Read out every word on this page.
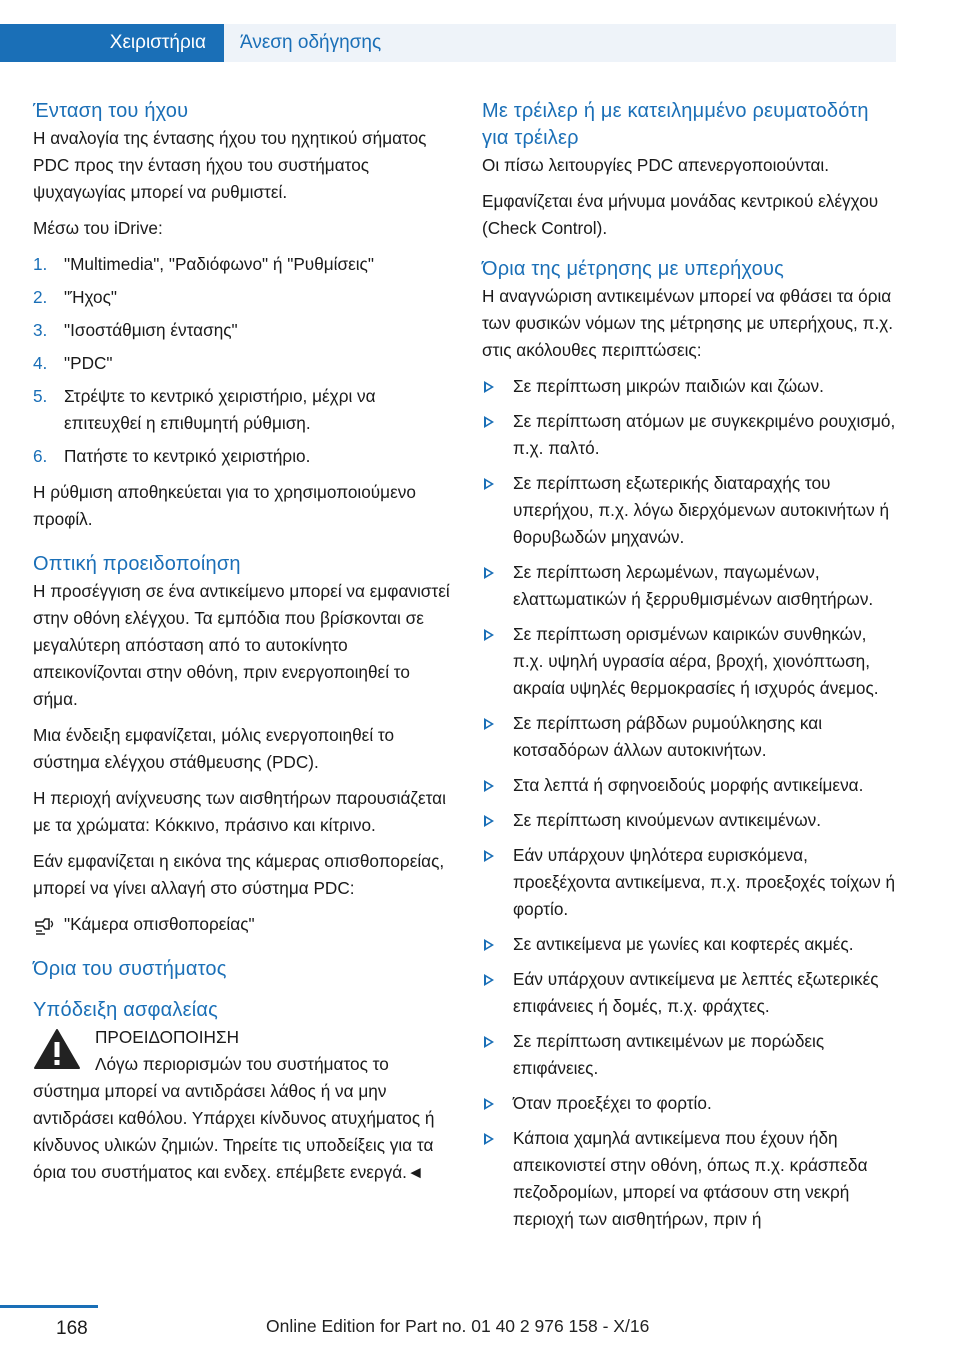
Χειριστήρια	Άνεση οδήγησης
Ένταση του ήχου

Η αναλογία της έντασης ήχου του ηχητικού σήματος PDC προς την ένταση ήχου του συστήματος ψυχαγωγίας μπορεί να ρυθμιστεί.

Μέσω του iDrive:

1. "Multimedia", "Ραδιόφωνο" ή "Ρυθμίσεις"
2. "Ήχος"
3. "Ισοστάθμιση έντασης"
4. "PDC"
5. Στρέψτε το κεντρικό χειριστήριο, μέχρι να επιτευχθεί η επιθυμητή ρύθμιση.
6. Πατήστε το κεντρικό χειριστήριο.

Η ρύθμιση αποθηκεύεται για το χρησιμοποιούμενο προφίλ.

Οπτική προειδοποίηση

Η προσέγγιση σε ένα αντικείμενο μπορεί να εμφανιστεί στην οθόνη ελέγχου. Τα εμπόδια που βρίσκονται σε μεγαλύτερη απόσταση από το αυτοκίνητο απεικονίζονται στην οθόνη, πριν ενεργοποιηθεί το σήμα.

Μια ένδειξη εμφανίζεται, μόλις ενεργοποιηθεί το σύστημα ελέγχου στάθμευσης (PDC).

Η περιοχή ανίχνευσης των αισθητήρων παρουσιάζεται με τα χρώματα: Κόκκινο, πράσινο και κίτρινο.

Εάν εμφανίζεται η εικόνα της κάμερας οπισθοπορείας, μπορεί να γίνει αλλαγή στο σύστημα PDC:

"Κάμερα οπισθοπορείας"
Όρια του συστήματος
Υπόδειξη ασφαλείας
ΠΡΟΕΙΔΟΠΟΙΗΣΗ
Λόγω περιορισμών του συστήματος το σύστημα μπορεί να αντιδράσει λάθος ή να μην αντιδράσει καθόλου. Υπάρχει κίνδυνος ατυχήματος ή κίνδυνος υλικών ζημιών. Τηρείτε τις υποδείξεις για τα όρια του συστήματος και ενδεχ. επέμβετε ενεργά.◄
Με τρέιλερ ή με κατειλημμένο ρευματοδότη για τρέιλερ

Οι πίσω λειτουργίες PDC απενεργοποιούνται.

Εμφανίζεται ένα μήνυμα μονάδας κεντρικού ελέγχου (Check Control).

Όρια της μέτρησης με υπερήχους

Η αναγνώριση αντικειμένων μπορεί να φθάσει τα όρια των φυσικών νόμων της μέτρησης με υπερήχους, π.χ. στις ακόλουθες περιπτώσεις:

Σε περίπτωση μικρών παιδιών και ζώων.
Σε περίπτωση ατόμων με συγκεκριμένο ρουχισμό, π.χ. παλτό.
Σε περίπτωση εξωτερικής διαταραχής του υπερήχου, π.χ. λόγω διερχόμενων αυτοκινήτων ή θορυβωδών μηχανών.
Σε περίπτωση λερωμένων, παγωμένων, ελαττωματικών ή ξερρυθμισμένων αισθητήρων.
Σε περίπτωση ορισμένων καιρικών συνθηκών, π.χ. υψηλή υγρασία αέρα, βροχή, χιονόπτωση, ακραία υψηλές θερμοκρασίες ή ισχυρός άνεμος.
Σε περίπτωση ράβδων ρυμούλκησης και κοτσαδόρων άλλων αυτοκινήτων.
Στα λεπτά ή σφηνοειδούς μορφής αντικείμενα.
Σε περίπτωση κινούμενων αντικειμένων.
Εάν υπάρχουν ψηλότερα ευρισκόμενα, προεξέχοντα αντικείμενα, π.χ. προεξοχές τοίχων ή φορτίο.
Σε αντικείμενα με γωνίες και κοφτερές ακμές.
Εάν υπάρχουν αντικείμενα με λεπτές εξωτερικές επιφάνειες ή δομές, π.χ. φράχτες.
Σε περίπτωση αντικειμένων με πορώδεις επιφάνειες.
Όταν προεξέχει το φορτίο.
Κάποια χαμηλά αντικείμενα που έχουν ήδη απεικονιστεί στην οθόνη, όπως π.χ. κράσπεδα πεζοδρομίων, μπορεί να φτάσουν στη νεκρή περιοχή των αισθητήρων, πριν ή
168	Online Edition for Part no. 01 40 2 976 158 - X/16
